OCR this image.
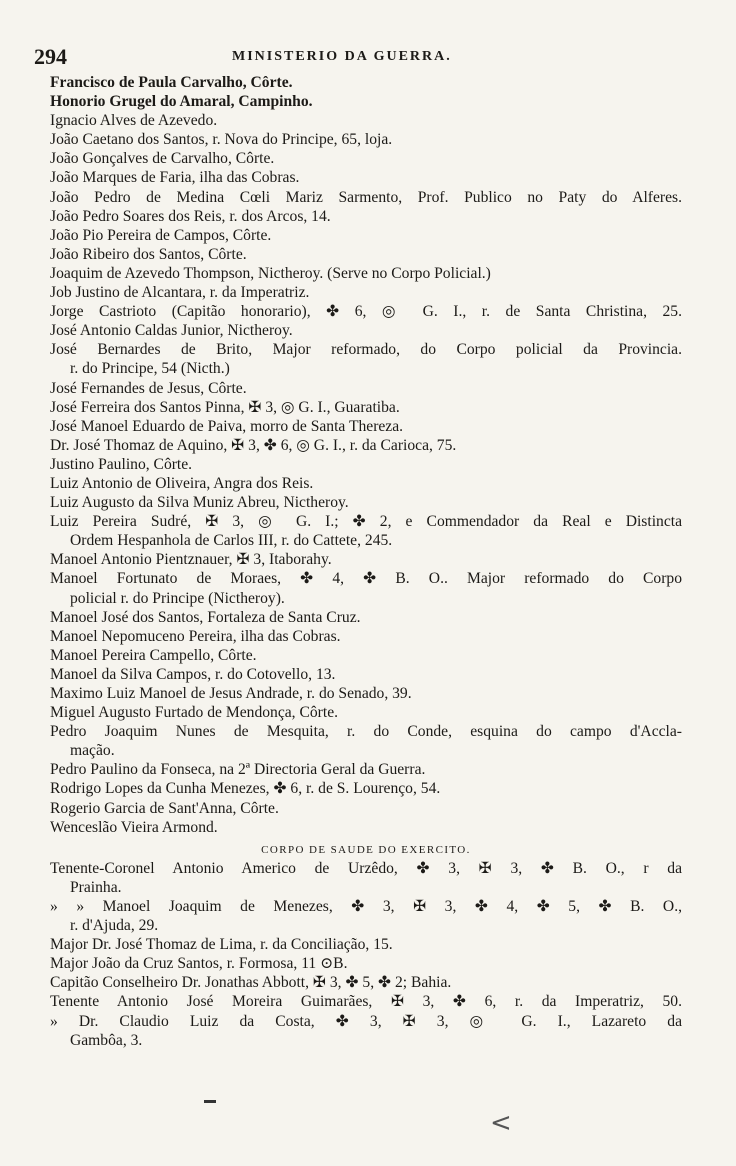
294	MINISTERIO DA GUERRA.
Francisco de Paula Carvalho, Côrte.
Honorio Grugel do Amaral, Campinho.
Ignacio Alves de Azevedo.
João Caetano dos Santos, r. Nova do Principe, 65, loja.
João Gonçalves de Carvalho, Côrte.
João Marques de Faria, ilha das Cobras.
João Pedro de Medina Cœli Mariz Sarmento, Prof. Publico no Paty do Alferes.
João Pedro Soares dos Reis, r. dos Arcos, 14.
João Pio Pereira de Campos, Côrte.
João Ribeiro dos Santos, Côrte.
Joaquim de Azevedo Thompson, Nictheroy. (Serve no Corpo Policial.)
Job Justino de Alcantara, r. da Imperatriz.
Jorge Castrioto (Capitão honorario), ✤ 6, ◎ G. I., r. de Santa Christina, 25.
José Antonio Caldas Junior, Nictheroy.
José Bernardes de Brito, Major reformado, do Corpo policial da Provincia.
r. do Principe, 54 (Nicth.)
José Fernandes de Jesus, Côrte.
José Ferreira dos Santos Pinna, ✠ 3, ◎ G. I., Guaratiba.
José Manoel Eduardo de Paiva, morro de Santa Thereza.
Dr. José Thomaz de Aquino, ✠ 3, ✤ 6, ◎ G. I., r. da Carioca, 75.
Justino Paulino, Côrte.
Luiz Antonio de Oliveira, Angra dos Reis.
Luiz Augusto da Silva Muniz Abreu, Nictheroy.
Luiz Pereira Sudré, ✠ 3, ◎ G. I.; ✤ 2, e Commendador da Real e Distincta
Ordem Hespanhola de Carlos III, r. do Cattete, 245.
Manoel Antonio Pientznauer, ✠ 3, Itaborahy.
Manoel Fortunato de Moraes, ✤ 4, ✤ B. O.. Major reformado do Corpo
policial r. do Principe (Nictheroy).
Manoel José dos Santos, Fortaleza de Santa Cruz.
Manoel Nepomuceno Pereira, ilha das Cobras.
Manoel Pereira Campello, Côrte.
Manoel da Silva Campos, r. do Cotovello, 13.
Maximo Luiz Manoel de Jesus Andrade, r. do Senado, 39.
Miguel Augusto Furtado de Mendonça, Côrte.
Pedro Joaquim Nunes de Mesquita, r. do Conde, esquina do campo d'Accla-
mação.
Pedro Paulino da Fonseca, na 2ª Directoria Geral da Guerra.
Rodrigo Lopes da Cunha Menezes, ✤ 6, r. de S. Lourenço, 54.
Rogerio Garcia de Sant'Anna, Côrte.
Wenceslão Vieira Armond.
CORPO DE SAUDE DO EXERCITO.
Tenente-Coronel Antonio Americo de Urzêdo, ✤ 3, ✠ 3, ✤ B. O., r da
Prainha.
» » Manoel Joaquim de Menezes, ✤ 3, ✠ 3, ✤ 4, ✤ 5, ✤ B. O.,
r. d'Ajuda, 29.
Major Dr. José Thomaz de Lima, r. da Conciliação, 15.
Major João da Cruz Santos, r. Formosa, 11 ⊙B.
Capitão Conselheiro Dr. Jonathas Abbott, ✠ 3, ✤ 5, ✤ 2; Bahia.
Tenente Antonio José Moreira Guimarães, ✠ 3, ✤ 6, r. da Imperatriz, 50.
» Dr. Claudio Luiz da Costa, ✤ 3, ✠ 3, ◎ G. I., Lazareto da
Gambôa, 3.
<
